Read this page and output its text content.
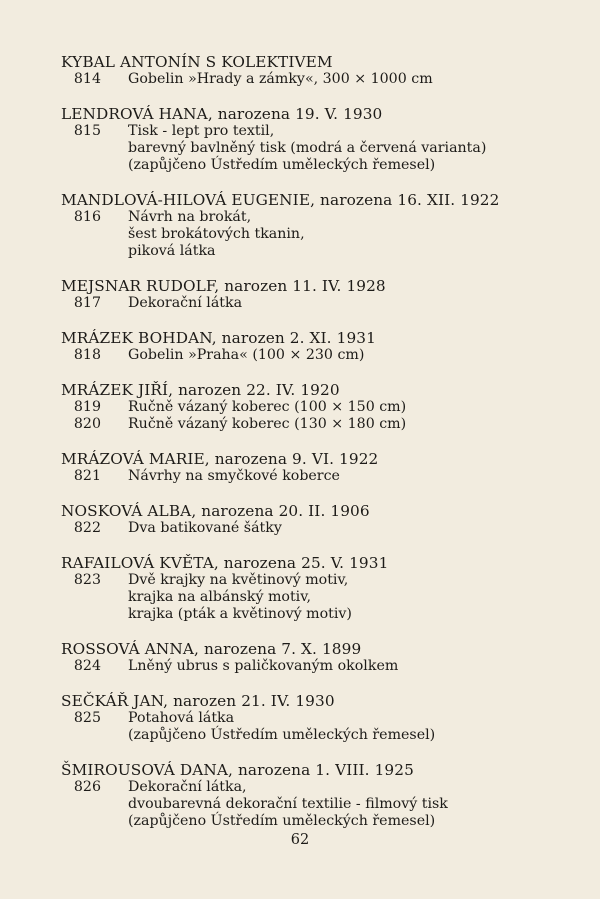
KYBAL ANTONÍN S KOLEKTIVEM
814	Gobelin »Hrady a zámky«, 300 × 1000 cm
LENDROVÁ HANA, narozena 19. V. 1930
815	Tisk - lept pro textil,
barevný bavlněný tisk (modrá a červená varianta)
(zapůjčeno Ústředím uměleckých řemesel)
MANDLOVÁ-HILOVÁ EUGENIE, narozena 16. XII. 1922
816	Návrh na brokát,
šest brokátových tkanin,
piková látka
MEJSNAR RUDOLF, narozen 11. IV. 1928
817	Dekorační látka
MRÁZEK BOHDAN, narozen 2. XI. 1931
818	Gobelin »Praha« (100 × 230 cm)
MRÁZEK JIŘÍ, narozen 22. IV. 1920
819	Ručně vázaný koberec (100 × 150 cm)
820	Ručně vázaný koberec (130 × 180 cm)
MRÁZOVÁ MARIE, narozena 9. VI. 1922
821	Návrhy na smyčkové koberce
NOSKOVÁ ALBA, narozena 20. II. 1906
822	Dva batikované šátky
RAFAILOVÁ KVĚTA, narozena 25. V. 1931
823	Dvě krajky na květinový motiv,
krajka na albánský motiv,
krajka (pták a květinový motiv)
ROSSOVÁ ANNA, narozena 7. X. 1899
824	Lněný ubrus s paličkovaným okolkem
SEČKÁŘ JAN, narozen 21. IV. 1930
825	Potahová látka
(zapůjčeno Ústředím uměleckých řemesel)
ŠMIROUSOVÁ DANA, narozena 1. VIII. 1925
826	Dekorační látka,
dvoubarevná dekorační textilie - filmový tisk
(zapůjčeno Ústředím uměleckých řemesel)
62
